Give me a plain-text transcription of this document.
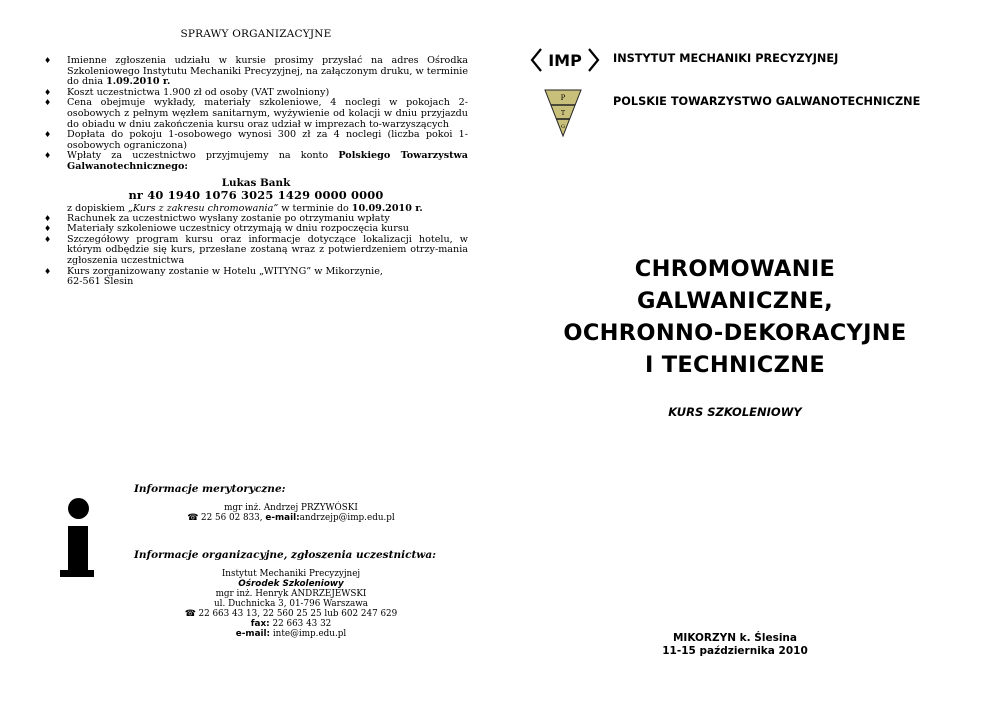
SPRAWY ORGANIZACYJNE
♦ Imienne zgłoszenia udziału w kursie prosimy przysłać na adres Ośrodka Szkoleniowego Instytutu Mechaniki Precyzyjnej, na załączonym druku, w terminie do dnia 1.09.2010 r.
♦ Koszt uczestnictwa 1.900 zł od osoby (VAT zwolniony)
♦ Cena obejmuje wykłady, materiały szkoleniowe, 4 noclegi w pokojach 2-osobowych z pełnym węzłem sanitarnym, wyżywienie od kolacji w dniu przyjazdu do obiadu w dniu zakończenia kursu oraz udział w imprezach to-warzyszących
♦ Dopłata do pokoju 1-osobowego wynosi 300 zł za 4 noclegi (liczba pokoi 1-osobowych ograniczona)
♦ Wpłaty za uczestnictwo przyjmujemy na konto Polskiego Towarzystwa Galwanotechnicznego:
Lukas Bank
nr 40 1940 1076 3025 1429 0000 0000

z dopiskiem „Kurs z zakresu chromowania” w terminie do 10.09.2010 r.

♦ Rachunek za uczestnictwo wysłany zostanie po otrzymaniu wpłaty
♦ Materiały szkoleniowe uczestnicy otrzymają w dniu rozpoczęcia kursu
♦ Szczegółowy program kursu oraz informacje dotyczące lokalizacji hotelu, w którym odbędzie się kurs, przesłane zostaną wraz z potwierdzeniem otrzy-mania zgłoszenia uczestnictwa
♦ Kurs zorganizowany zostanie w Hotelu „WITYNG” w Mikorzynie,
62-561 Ślesin

Informacje merytoryczne:

mgr inż. Andrzej PRZYWÓSKI
☎ 22 56 02 833, e-mail:andrzejp@imp.edu.pl

Informacje organizacyjne, zgłoszenia uczestnictwa:

Instytut Mechaniki Precyzyjnej
Ośrodek Szkoleniowy
mgr inż. Henryk ANDRZEJEWSKI
ul. Duchnicka 3, 01-796 Warszawa
☎ 22 663 43 13, 22 560 25 25 lub 602 247 629
fax: 22 663 43 32
e-mail: inte@imp.edu.pl
IMP	INSTYTUT MECHANIKI PRECYZYJNEJ
P
T
G
POLSKIE TOWARZYSTWO GALWANOTECHNICZNE
CHROMOWANIE
GALWANICZNE,
OCHRONNO-DEKORACYJNE
I TECHNICZNE
KURS SZKOLENIOWY
MIKORZYN k. Ślesina
11-15 października 2010
